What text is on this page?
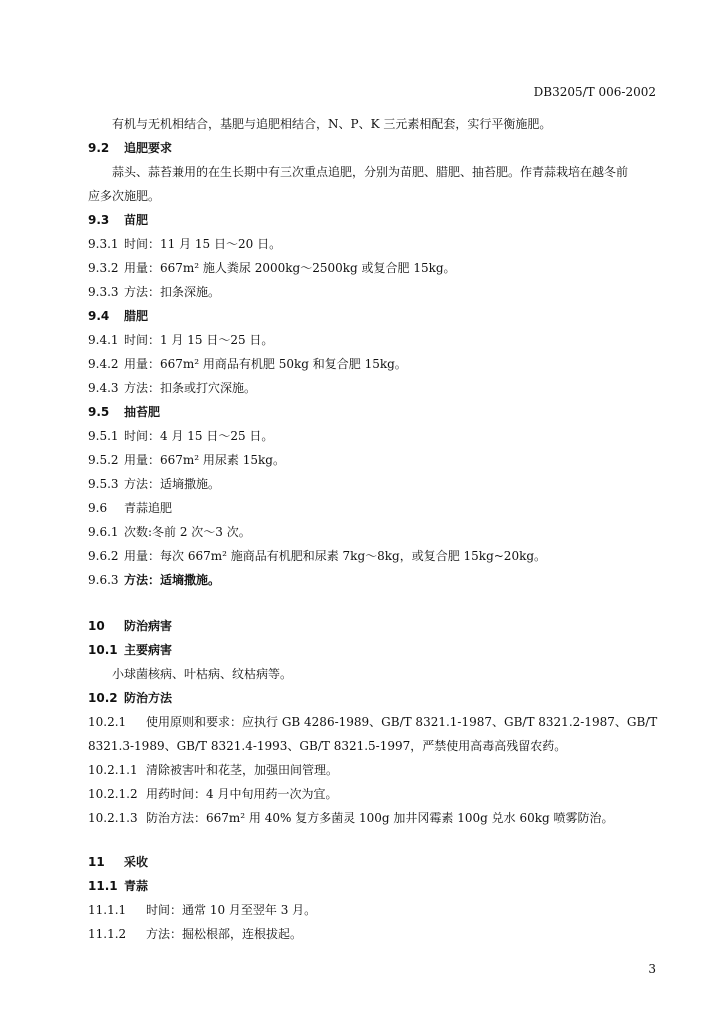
DB3205/T 006-2002
有机与无机相结合，基肥与追肥相结合，N、P、K 三元素相配套，实行平衡施肥。
9.2 追肥要求
蒜头、蒜苔兼用的在生长期中有三次重点追肥，分别为苗肥、腊肥、抽苔肥。作青蒜栽培在越冬前
应多次施肥。
9.3 苗肥
9.3.1 时间：11 月 15 日～20 日。
9.3.2 用量：667m² 施人粪尿 2000kg～2500kg 或复合肥 15kg。
9.3.3 方法：扣条深施。
9.4 腊肥
9.4.1 时间：1 月 15 日～25 日。
9.4.2 用量：667m² 用商品有机肥 50kg 和复合肥 15kg。
9.4.3 方法：扣条或打穴深施。
9.5 抽苔肥
9.5.1 时间：4 月 15 日～25 日。
9.5.2 用量：667m² 用尿素 15kg。
9.5.3 方法：适墒撒施。
9.6 青蒜追肥
9.6.1 次数:冬前 2 次～3 次。
9.6.2 用量：每次 667m² 施商品有机肥和尿素 7kg～8kg，或复合肥 15kg~20kg。
9.6.3 方法：适墒撒施。
10 防治病害
10.1 主要病害
小球菌核病、叶枯病、纹枯病等。
10.2 防治方法
10.2.1 使用原则和要求：应执行 GB 4286-1989、GB/T 8321.1-1987、GB/T 8321.2-1987、GB/T
8321.3-1989、GB/T 8321.4-1993、GB/T 8321.5-1997，严禁使用高毒高残留农药。
10.2.1.1 清除被害叶和花茎，加强田间管理。
10.2.1.2 用药时间：4 月中旬用药一次为宜。
10.2.1.3 防治方法：667m² 用 40% 复方多菌灵 100g 加井冈霉素 100g 兑水 60kg 喷雾防治。
11 采收
11.1 青蒜
11.1.1 时间：通常 10 月至翌年 3 月。
11.1.2 方法：掘松根部，连根拔起。
3
